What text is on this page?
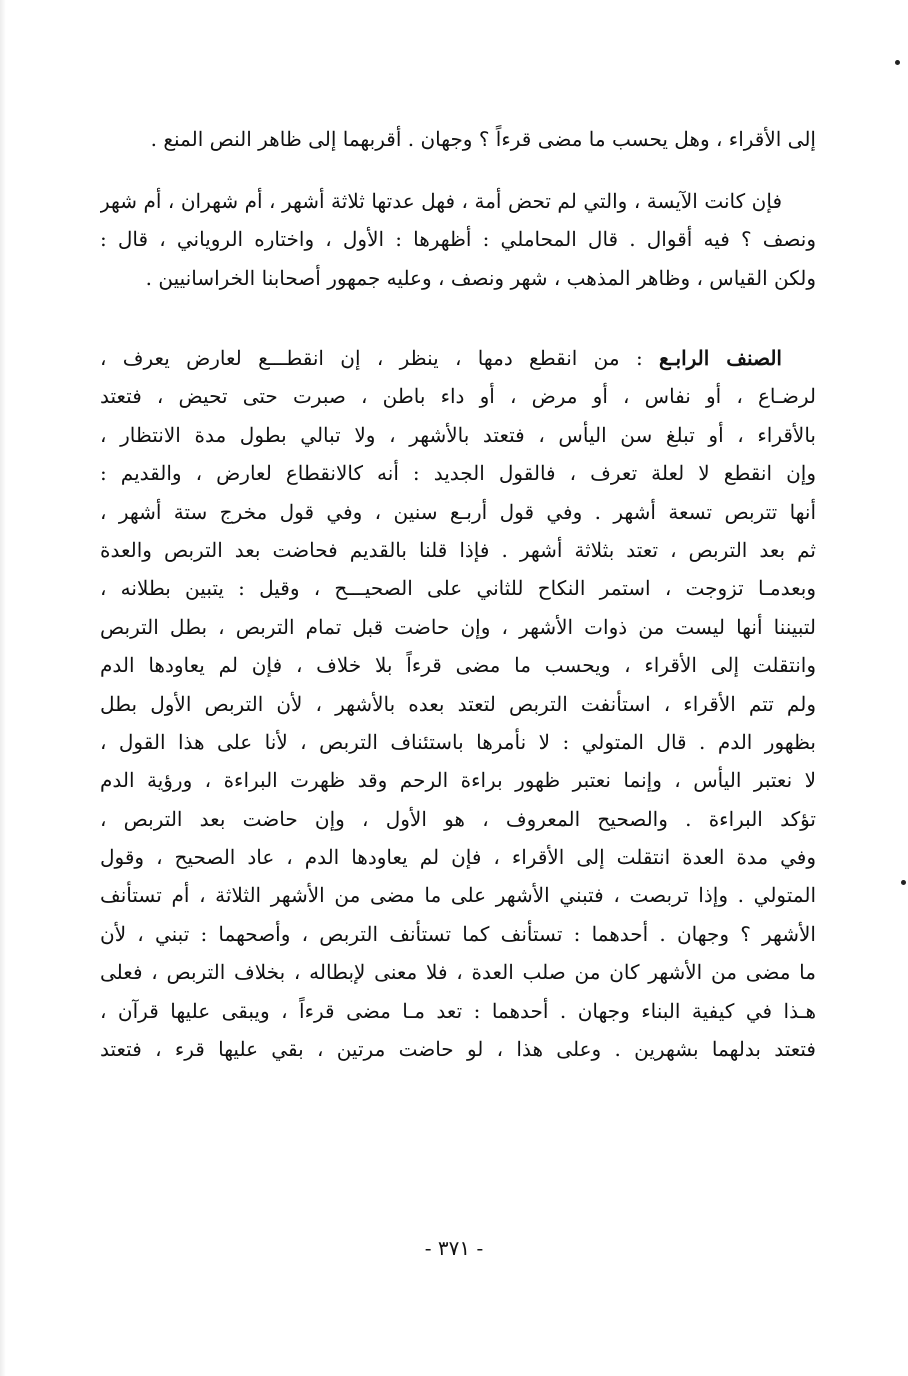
إلى الأقراء ، وهل يحسب ما مضى قرءاً ؟ وجهان . أقربهما إلى ظاهر النص المنع .
فإن كانت الآيسة ، والتي لم تحض أمة ، فهل عدتها ثلاثة أشهر ، أم شهران ، أم شهر
ونصف ؟ فيه أقوال . قال المحاملي : أظهرها : الأول ، واختاره الروياني ، قال :
ولكن القياس ، وظاهر المذهب ، شهر ونصف ، وعليه جمهور أصحابنا الخراسانيين .
الصنف الرابـع : من انقطع دمها ، ينظر ، إن انقطـــع لعارض يعرف ،
لرضـاع ، أو نفاس ، أو مرض ، أو داء باطن ، صبرت حتى تحيض ، فتعتد
بالأقراء ، أو تبلغ سن اليأس ، فتعتد بالأشهر ، ولا تبالي بطول مدة الانتظار ،
وإن انقطع لا لعلة تعرف ، فالقول الجديد : أنه كالانقطاع لعارض ، والقديم :
أنها تتربص تسعة أشهر . وفي قول أربـع سنين ، وفي قول مخرج ستة أشهر ،
ثم بعد التربص ، تعتد بثلاثة أشهر . فإذا قلنا بالقديم فحاضت بعد التربص والعدة
وبعدمـا تزوجت ، استمر النكاح للثاني على الصحيـــح ، وقيل : يتبين بطلانه ،
لتبيننا أنها ليست من ذوات الأشهر ، وإن حاضت قبل تمام التربص ، بطل التربص
وانتقلت إلى الأقراء ، ويحسب ما مضى قرءاً بلا خلاف ، فإن لم يعاودها الدم
ولم تتم الأقراء ، استأنفت التربص لتعتد بعده بالأشهر ، لأن التربص الأول بطل
بظهور الدم . قال المتولي : لا نأمرها باستئناف التربص ، لأنا على هذا القول ،
لا نعتبر اليأس ، وإنما نعتبر ظهور براءة الرحم وقد ظهرت البراءة ، ورؤية الدم
تؤكد البراءة . والصحيح المعروف ، هو الأول ، وإن حاضت بعد التربص ،
وفي مدة العدة انتقلت إلى الأقراء ، فإن لم يعاودها الدم ، عاد الصحيح ، وقول
المتولي . وإذا تربصت ، فتبني الأشهر على ما مضى من الأشهر الثلاثة ، أم تستأنف
الأشهر ؟ وجهان . أحدهما : تستأنف كما تستأنف التربص ، وأصحهما : تبني ، لأن
ما مضى من الأشهر كان من صلب العدة ، فلا معنى لإبطاله ، بخلاف التربص ، فعلى
هـذا في كيفية البناء وجهان . أحدهما : تعد مـا مضى قرءاً ، ويبقى عليها قرآن ،
فتعتد بدلهما بشهرين . وعلى هذا ، لو حاضت مرتين ، بقي عليها قرء ، فتعتد
- ٣٧١ -
